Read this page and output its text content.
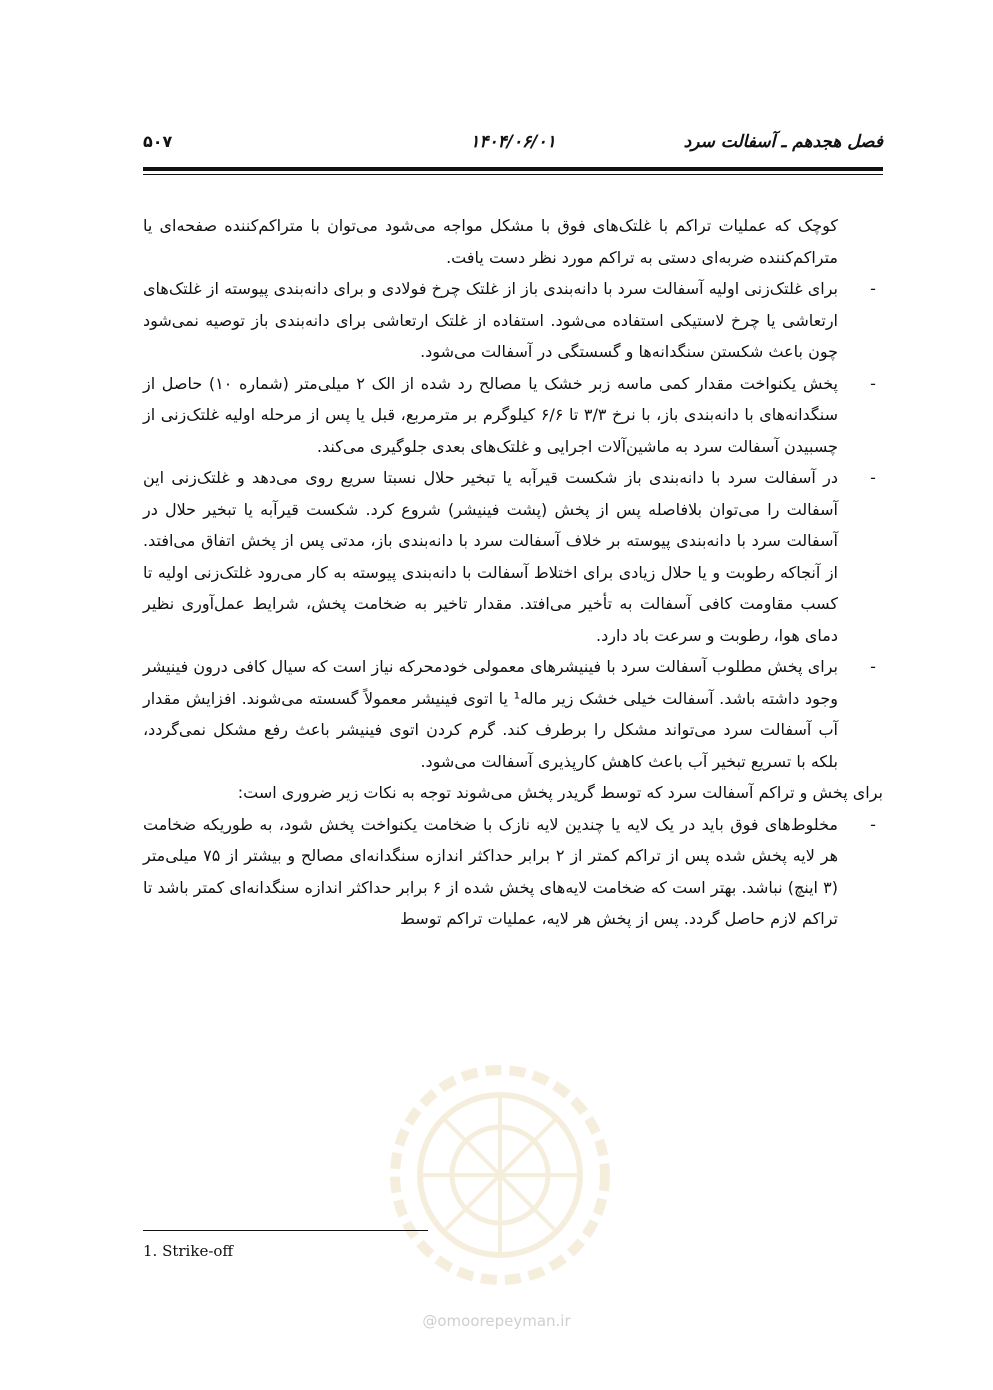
فصل هجدهم ـ آسفالت سرد
۱۴۰۴/۰۶/۰۱
۵۰۷

کوچک که عملیات تراکم با غلتک‌های فوق با مشکل مواجه می‌شود می‌توان با متراکم‌کننده صفحه‌ای یا متراکم‌کننده ضربه‌ای دستی به تراکم مورد نظر دست یافت.

-
برای غلتک‌زنی اولیه آسفالت سرد با دانه‌بندی باز از غلتک چرخ فولادی و برای دانه‌بندی پیوسته از غلتک‌های ارتعاشی یا چرخ لاستیکی استفاده می‌شود. استفاده از غلتک ارتعاشی برای دانه‌بندی باز توصیه نمی‌شود چون باعث شکستن سنگدانه‌ها و گسستگی در آسفالت می‌شود.
-
پخش یکنواخت مقدار کمی ماسه زبر خشک یا مصالح رد شده از الک ۲ میلی‌متر (شماره ۱۰) حاصل از سنگدانه‌های با دانه‌بندی باز، با نرخ ۳/۳ تا ۶/۶ کیلوگرم بر مترمربع، قبل یا پس از مرحله اولیه غلتک‌زنی از چسبیدن آسفالت سرد به ماشین‌آلات اجرایی و غلتک‌های بعدی جلوگیری می‌کند.
-
در آسفالت سرد با دانه‌بندی باز شکست قیرآبه یا تبخیر حلال نسبتا سریع روی می‌دهد و غلتک‌زنی این آسفالت را می‌توان بلافاصله پس از پخش (پشت فینیشر) شروع کرد. شکست قیرآبه یا تبخیر حلال در آسفالت سرد با دانه‌بندی پیوسته بر خلاف آسفالت سرد با دانه‌بندی باز، مدتی پس از پخش اتفاق می‌افتد. از آنجاکه رطوبت و یا حلال زیادی برای اختلاط آسفالت با دانه‌بندی پیوسته به کار می‌رود غلتک‌زنی اولیه تا کسب مقاومت کافی آسفالت به تأخیر می‌افتد. مقدار تاخیر به ضخامت پخش، شرایط عمل‌آوری نظیر دمای هوا، رطوبت و سرعت باد دارد.
-
برای پخش مطلوب آسفالت سرد با فینیشرهای معمولی خودمحرکه نیاز است که سیال کافی درون فینیشر وجود داشته باشد. آسفالت خیلی خشک زیر ماله¹ یا اتوی فینیشر معمولاً گسسته می‌شوند. افزایش مقدار آب آسفالت سرد می‌تواند مشکل را برطرف کند. گرم کردن اتوی فینیشر باعث رفع مشکل نمی‌گردد، بلکه با تسریع تبخیر آب باعث کاهش کارپذیری آسفالت می‌شود.

برای پخش و تراکم آسفالت سرد که توسط گریدر پخش می‌شوند توجه به نکات زیر ضروری است:

-
مخلوط‌های فوق باید در یک لایه یا چندین لایه نازک با ضخامت یکنواخت پخش شود، به طوریکه ضخامت هر لایه پخش شده پس از تراکم کمتر از ۲ برابر حداکثر اندازه سنگدانه‌ای مصالح و بیشتر از ۷۵ میلی‌متر (۳ اینچ) نباشد. بهتر است که ضخامت لایه‌های پخش شده از ۶ برابر حداکثر اندازه سنگدانه‌ای کمتر باشد تا تراکم لازم حاصل گردد. پس از پخش هر لایه، عملیات تراکم توسط
@omoorepeyman.ir
1. Strike-off
